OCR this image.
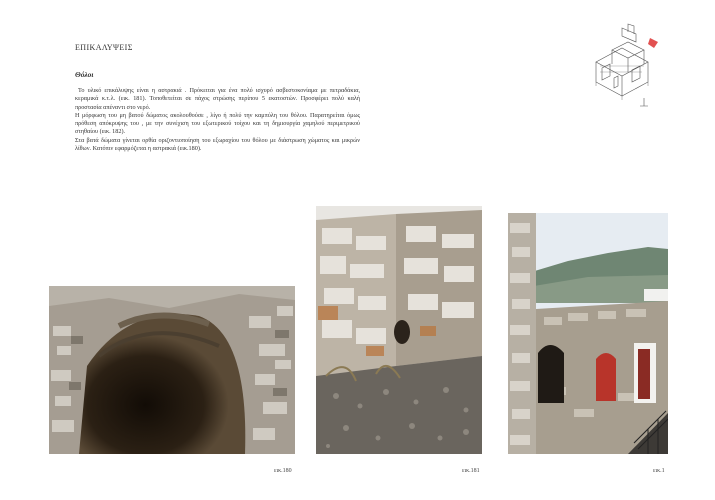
ΕΠΙΚΑΛΥΨΕΙΣ
Θόλοι

Το υλικό επικάλυψης είναι η αστρακιά . Πρόκειται για ένα πολύ ισχυρό ασβεστοκονίαμα με πετραδάκια, κεραμικά κ.τ.λ. (εικ. 181). Τοποθετείται σε πάχος στρώσης περίπου 5 εκατοστών. Προσφέρει πολύ καλή προστασία απέναντι στο νερό.

Η μόρφωση του μη βατού δώματος ακολουθούσε , λίγο ή πολύ την καμπύλη του θόλου. Παρατηρείται όμως πρόθεση απόκρυψης του , με την συνέχιση του εξωτερικού τοίχου και τη δημιουργία χαμηλού περιμετρικού στηθαίου (εικ. 182).

Στα βατά δώματα γίνεται ορθία οριζοντιοποίηση του εξωραχίου του θόλου με διάστρωση χώματος και μικρών λίθων. Κατόπιν εφαρμόζεται η αστρακιά (εικ.180).

εικ.180	εικ.181	εικ.1
